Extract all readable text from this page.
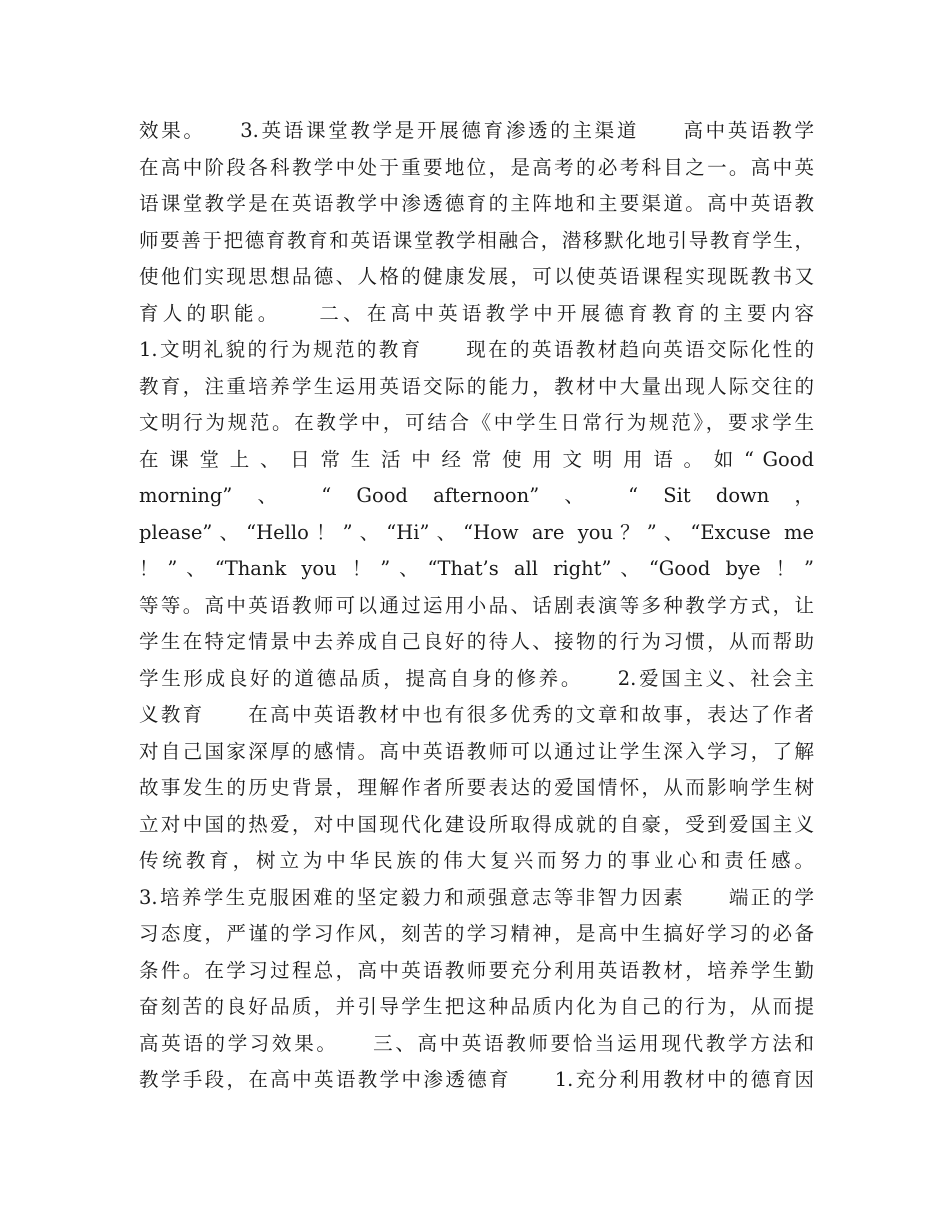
效果。　　3.英语课堂教学是开展德育渗透的主渠道　　高中英语教学
在高中阶段各科教学中处于重要地位，是高考的必考科目之一。高中英
语课堂教学是在英语教学中渗透德育的主阵地和主要渠道。高中英语教
师要善于把德育教育和英语课堂教学相融合，潜移默化地引导教育学生，
使他们实现思想品德、人格的健康发展，可以使英语课程实现既教书又
育人的职能。　　二、在高中英语教学中开展德育教育的主要内容
1.文明礼貌的行为规范的教育　　现在的英语教材趋向英语交际化性的
教育，注重培养学生运用英语交际的能力，教材中大量出现人际交往的
文明行为规范。在教学中，可结合《中学生日常行为规范》，要求学生
在 课 堂 上 、 日 常 生 活 中 经 常 使 用 文 明 用 语 。 如 “ Good
morning” 、 “ Good afternoon” 、 “ Sit down ，
please”、“Hello！”、“Hi”、“How are you？”、“Excuse me
！”、“Thank you ！”、“That’s all right”、“Good bye ！”
等等。高中英语教师可以通过运用小品、话剧表演等多种教学方式，让
学生在特定情景中去养成自己良好的待人、接物的行为习惯，从而帮助
学生形成良好的道德品质，提高自身的修养。　　2.爱国主义、社会主
义教育　　在高中英语教材中也有很多优秀的文章和故事，表达了作者
对自己国家深厚的感情。高中英语教师可以通过让学生深入学习，了解
故事发生的历史背景，理解作者所要表达的爱国情怀，从而影响学生树
立对中国的热爱，对中国现代化建设所取得成就的自豪，受到爱国主义
传统教育，树立为中华民族的伟大复兴而努力的事业心和责任感。
3.培养学生克服困难的坚定毅力和顽强意志等非智力因素　　端正的学
习态度，严谨的学习作风，刻苦的学习精神，是高中生搞好学习的必备
条件。在学习过程总，高中英语教师要充分利用英语教材，培养学生勤
奋刻苦的良好品质，并引导学生把这种品质内化为自己的行为，从而提
高英语的学习效果。　　三、高中英语教师要恰当运用现代教学方法和
教学手段，在高中英语教学中渗透德育　　1.充分利用教材中的德育因
